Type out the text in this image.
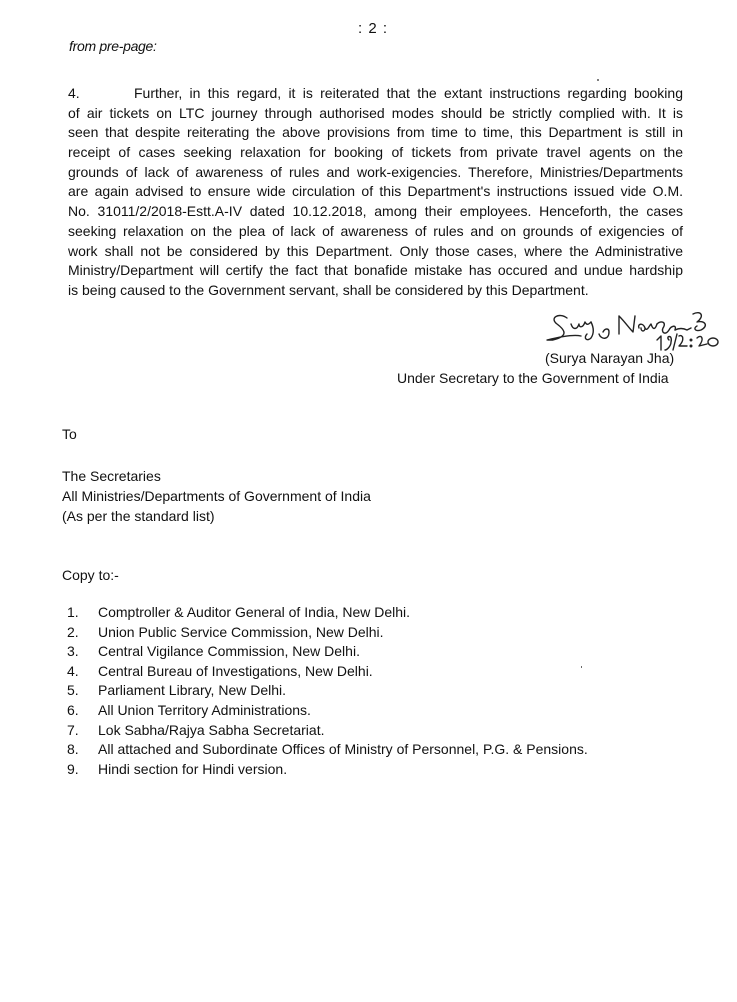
: 2 :
from pre-page:
4.	Further, in this regard, it is reiterated that the extant instructions regarding booking
of air tickets on LTC journey through authorised modes should be strictly complied with. It is
seen that despite reiterating the above provisions from time to time, this Department is still in
receipt of cases seeking relaxation for booking of tickets from private travel agents on the
grounds of lack of awareness of rules and work-exigencies. Therefore, Ministries/Departments
are again advised to ensure wide circulation of this Department's instructions issued vide O.M.
No. 31011/2/2018-Estt.A-IV dated 10.12.2018, among their employees. Henceforth, the cases
seeking relaxation on the plea of lack of awareness of rules and on grounds of exigencies of
work shall not be considered by this Department. Only those cases, where the Administrative
Ministry/Department will certify the fact that bonafide mistake has occured and undue hardship
is being caused to the Government servant, shall be considered by this Department.
(Surya Narayan Jha)
Under Secretary to the Government of India
To
The Secretaries
All Ministries/Departments of Government of India
(As per the standard list)
Copy to:-
1. Comptroller & Auditor General of India, New Delhi.
2. Union Public Service Commission, New Delhi.
3. Central Vigilance Commission, New Delhi.
4. Central Bureau of Investigations, New Delhi.
5. Parliament Library, New Delhi.
6. All Union Territory Administrations.
7. Lok Sabha/Rajya Sabha Secretariat.
8. All attached and Subordinate Offices of Ministry of Personnel, P.G. & Pensions.
9. Hindi section for Hindi version.
